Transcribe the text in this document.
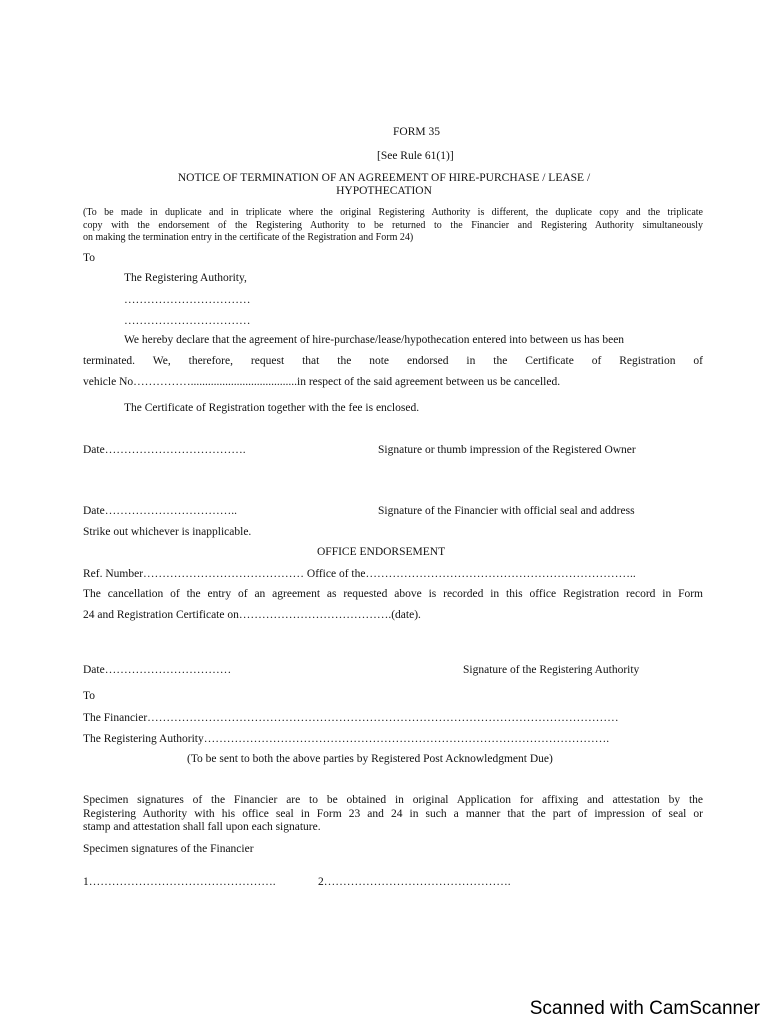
FORM 35
[See Rule 61(1)]
NOTICE OF TERMINATION OF AN AGREEMENT OF HIRE-PURCHASE / LEASE /
HYPOTHECATION
(To be made in duplicate and in triplicate where the original Registering Authority is different, the duplicate copy and the triplicate
copy with the endorsement of the Registering Authority to be returned to the Financier and Registering Authority simultaneously
on making the termination entry in the certificate of the Registration and Form 24)
To
The Registering Authority,
……………………………
……………………………
We hereby declare that the agreement of hire-purchase/lease/hypothecation entered into between us has been
terminated. We, therefore, request that the note endorsed in the Certificate of Registration of
vehicle No…………….....................................in respect of the said agreement between us be cancelled.
The Certificate of Registration together with the fee is enclosed.
Date……………………………….	Signature or thumb impression of the Registered Owner
Date……………………………..	Signature of the Financier with official seal and address
Strike out whichever is inapplicable.
OFFICE ENDORSEMENT
Ref. Number…………………………………… Office of the……………………………………………………………..
The cancellation of the entry of an agreement as requested above is recorded in this office Registration record in Form
24 and Registration Certificate on………………………………….(date).
Date……………………………	Signature of the Registering Authority
To
The Financier……………………………………………………………………………………………………………
The Registering Authority…………………………………………………………………………………………….
(To be sent to both the above parties by Registered Post Acknowledgment Due)
Specimen signatures of the Financier are to be obtained in original Application for affixing and attestation by the
Registering Authority with his office seal in Form 23 and 24 in such a manner that the part of impression of seal or
stamp and attestation shall fall upon each signature.
Specimen signatures of the Financier
1………………………………………….	2………………………………………….
Scanned with CamScanner
